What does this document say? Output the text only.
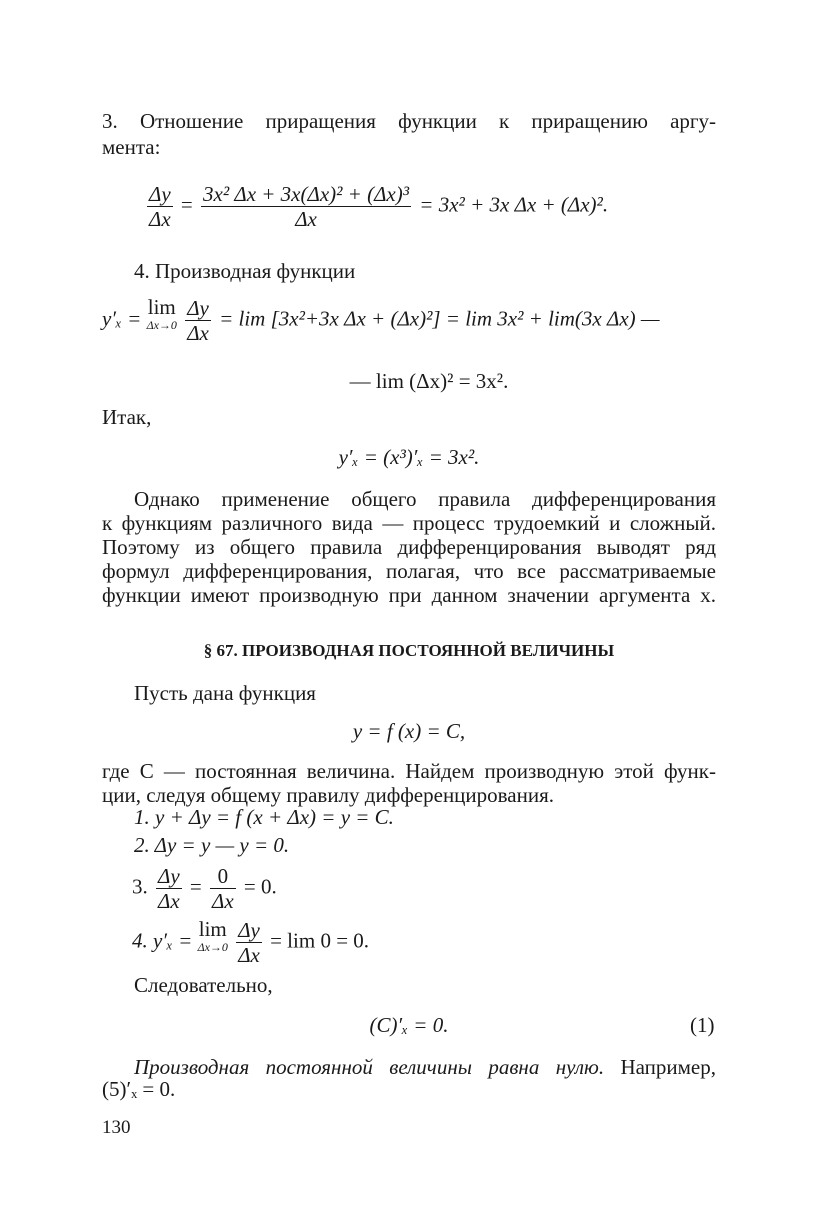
3. Отношение приращения функции к приращению аргу-
мента:
$\frac{\Delta y}{\Delta x} = \frac{\text{3x² Δx + 3x(Δx)² + (Δx)³}}{\Delta x} = 3x^2 + 3x$ Δx + (Δx)².
4. Производная функции
y′ₓ = lim
Δx→0
$\frac{\Delta y}{\Delta x} = \lim [3x^2+3x$ Δx + (Δx)²] = lim 3x² + lim(3x Δx) —
— lim (Δx)² = 3x².
Итак,
y′ₓ = (x³)′ₓ = 3x².
Однако применение общего правила дифференцирования
к функциям различного вида — процесс трудоемкий и сложный.
Поэтому из общего правила дифференцирования выводят ряд
формул дифференцирования, полагая, что все рассматриваемые
функции имеют производную при данном значении аргумента x.
§ 67. ПРОИЗВОДНАЯ ПОСТОЯННОЙ ВЕЛИЧИНЫ
Пусть дана функция
y = f (x) = C,
где C — постоянная величина. Найдем производную этой функ-
ции, следуя общему правилу дифференцирования.
1. y + Δy = f (x + Δx) = y = C.
2. Δy = y — y = 0.
3. $\frac{\Delta y}{\Delta x} = \frac{0}{\Delta x} = 0$.
4. y′ₓ = lim
Δx→0
$\frac{\Delta y}{\Delta x} = \lim 0 = 0$.
Следовательно,
(C)′ₓ = 0.	(1)
Производная постоянной величины равна нулю. Например,
(5)′ₓ = 0.
130
